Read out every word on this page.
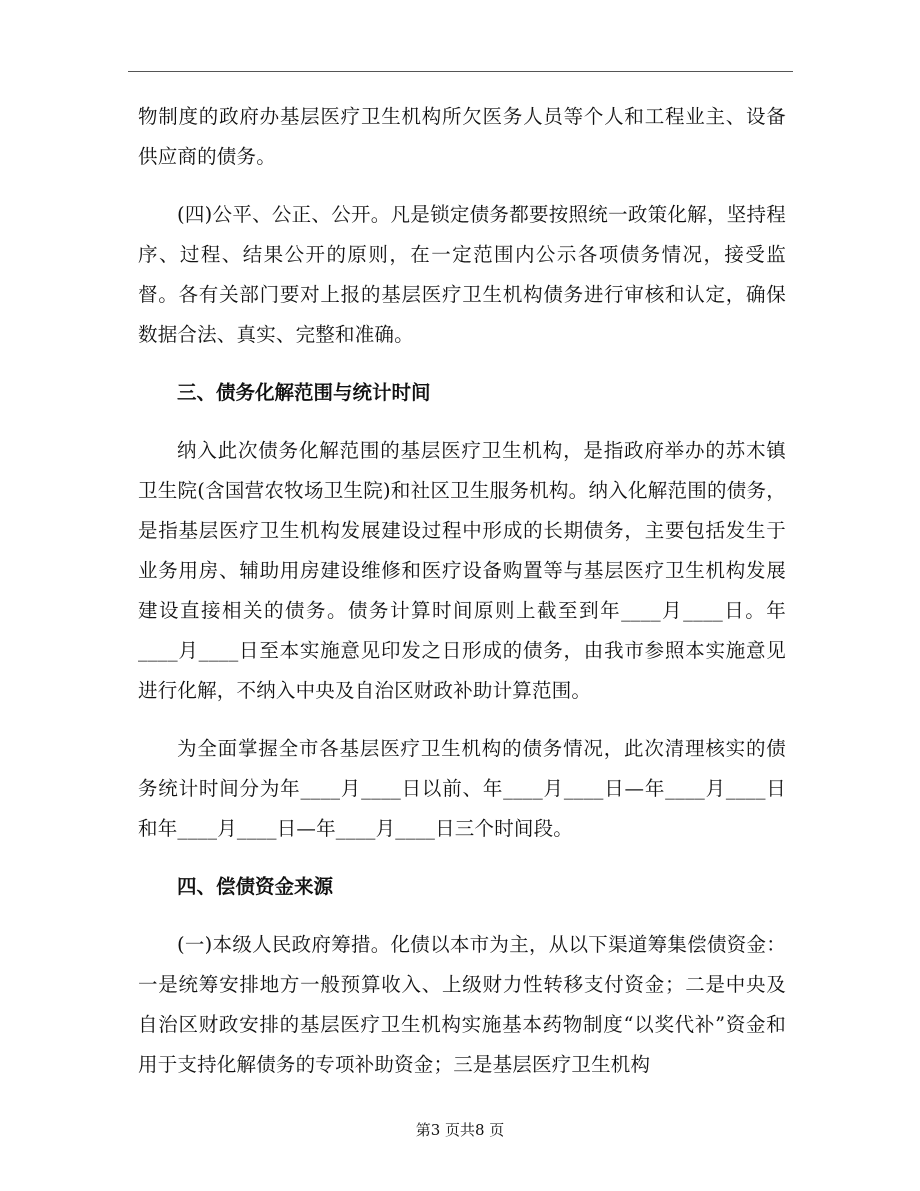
物制度的政府办基层医疗卫生机构所欠医务人员等个人和工程业主、设备供应商的债务。

(四)公平、公正、公开。凡是锁定债务都要按照统一政策化解，坚持程序、过程、结果公开的原则，在一定范围内公示各项债务情况，接受监督。各有关部门要对上报的基层医疗卫生机构债务进行审核和认定，确保数据合法、真实、完整和准确。

三、债务化解范围与统计时间

纳入此次债务化解范围的基层医疗卫生机构，是指政府举办的苏木镇卫生院(含国营农牧场卫生院)和社区卫生服务机构。纳入化解范围的债务，是指基层医疗卫生机构发展建设过程中形成的长期债务，主要包括发生于业务用房、辅助用房建设维修和医疗设备购置等与基层医疗卫生机构发展建设直接相关的债务。债务计算时间原则上截至到年____月____日。年____月____日至本实施意见印发之日形成的债务，由我市参照本实施意见进行化解，不纳入中央及自治区财政补助计算范围。

为全面掌握全市各基层医疗卫生机构的债务情况，此次清理核实的债务统计时间分为年____月____日以前、年____月____日—年____月____日和年____月____日—年____月____日三个时间段。

四、偿债资金来源

(一)本级人民政府筹措。化债以本市为主，从以下渠道筹集偿债资金：一是统筹安排地方一般预算收入、上级财力性转移支付资金；二是中央及自治区财政安排的基层医疗卫生机构实施基本药物制度“以奖代补”资金和用于支持化解债务的专项补助资金；三是基层医疗卫生机构

第3 页共8 页
